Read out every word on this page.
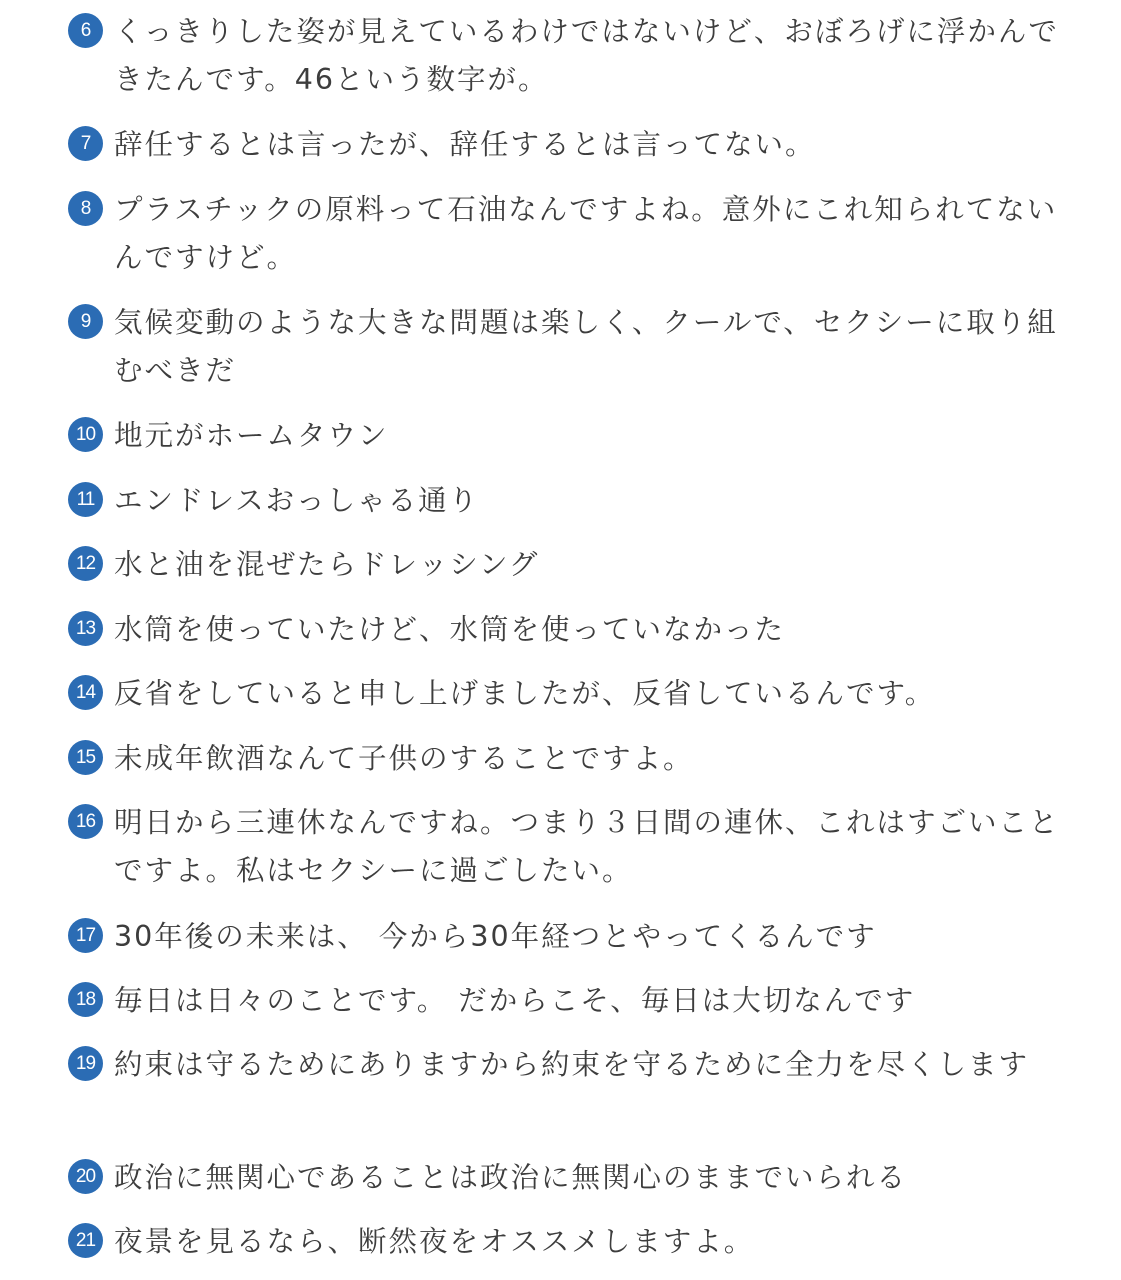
6 くっきりした姿が見えているわけではないけど、おぼろげに浮かんできたんです。46という数字が。
7 辞任するとは言ったが、辞任するとは言ってない。
8 プラスチックの原料って石油なんですよね。意外にこれ知られてないんですけど。
9 気候変動のような大きな問題は楽しく、クールで、セクシーに取り組むべきだ
10 地元がホームタウン
11 エンドレスおっしゃる通り
12 水と油を混ぜたらドレッシング
13 水筒を使っていたけど、水筒を使っていなかった
14 反省をしていると申し上げましたが、反省しているんです。
15 未成年飲酒なんて子供のすることですよ。
16 明日から三連休なんですね。つまり３日間の連休、これはすごいことですよ。私はセクシーに過ごしたい。
17 30年後の未来は、 今から30年経つとやってくるんです
18 毎日は日々のことです。 だからこそ、毎日は大切なんです
19 約束は守るためにありますから約束を守るために全力を尽くします
20 政治に無関心であることは政治に無関心のままでいられる
21 夜景を見るなら、断然夜をオススメしますよ。
